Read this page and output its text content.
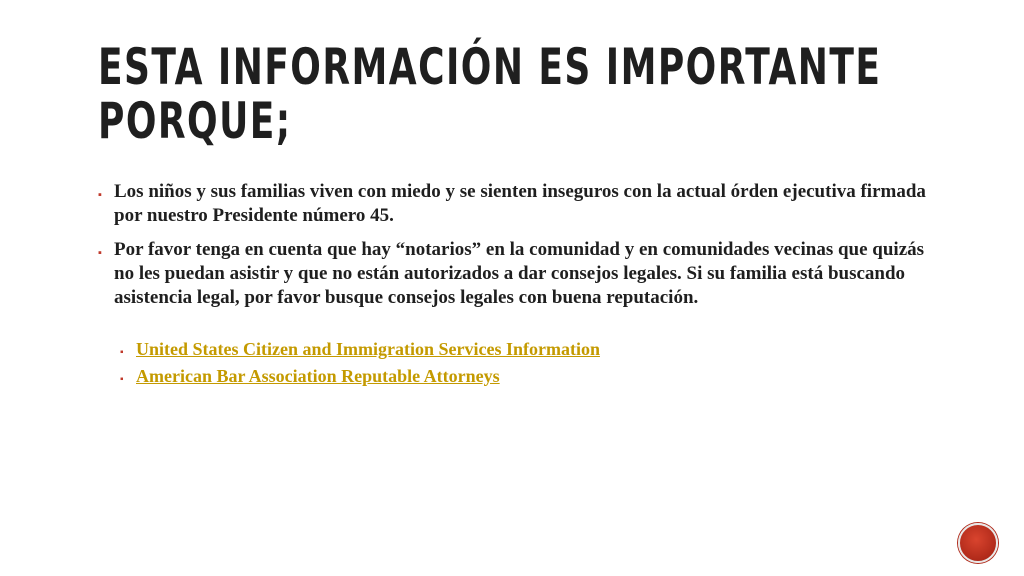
ESTA INFORMACIÓN ES IMPORTANTE PORQUE;
▪ Los niños y sus familias viven con miedo y se sienten inseguros con la actual órden ejecutiva firmada por nuestro Presidente número 45.
▪ Por favor tenga en cuenta que hay “notarios” en la comunidad y en comunidades vecinas que quizás no les puedan asistir y que no están autorizados a dar consejos legales. Si su familia está buscando asistencia legal, por favor busque consejos legales con buena reputación.
▪ United States Citizen and Immigration Services Information
▪ American Bar Association Reputable Attorneys
